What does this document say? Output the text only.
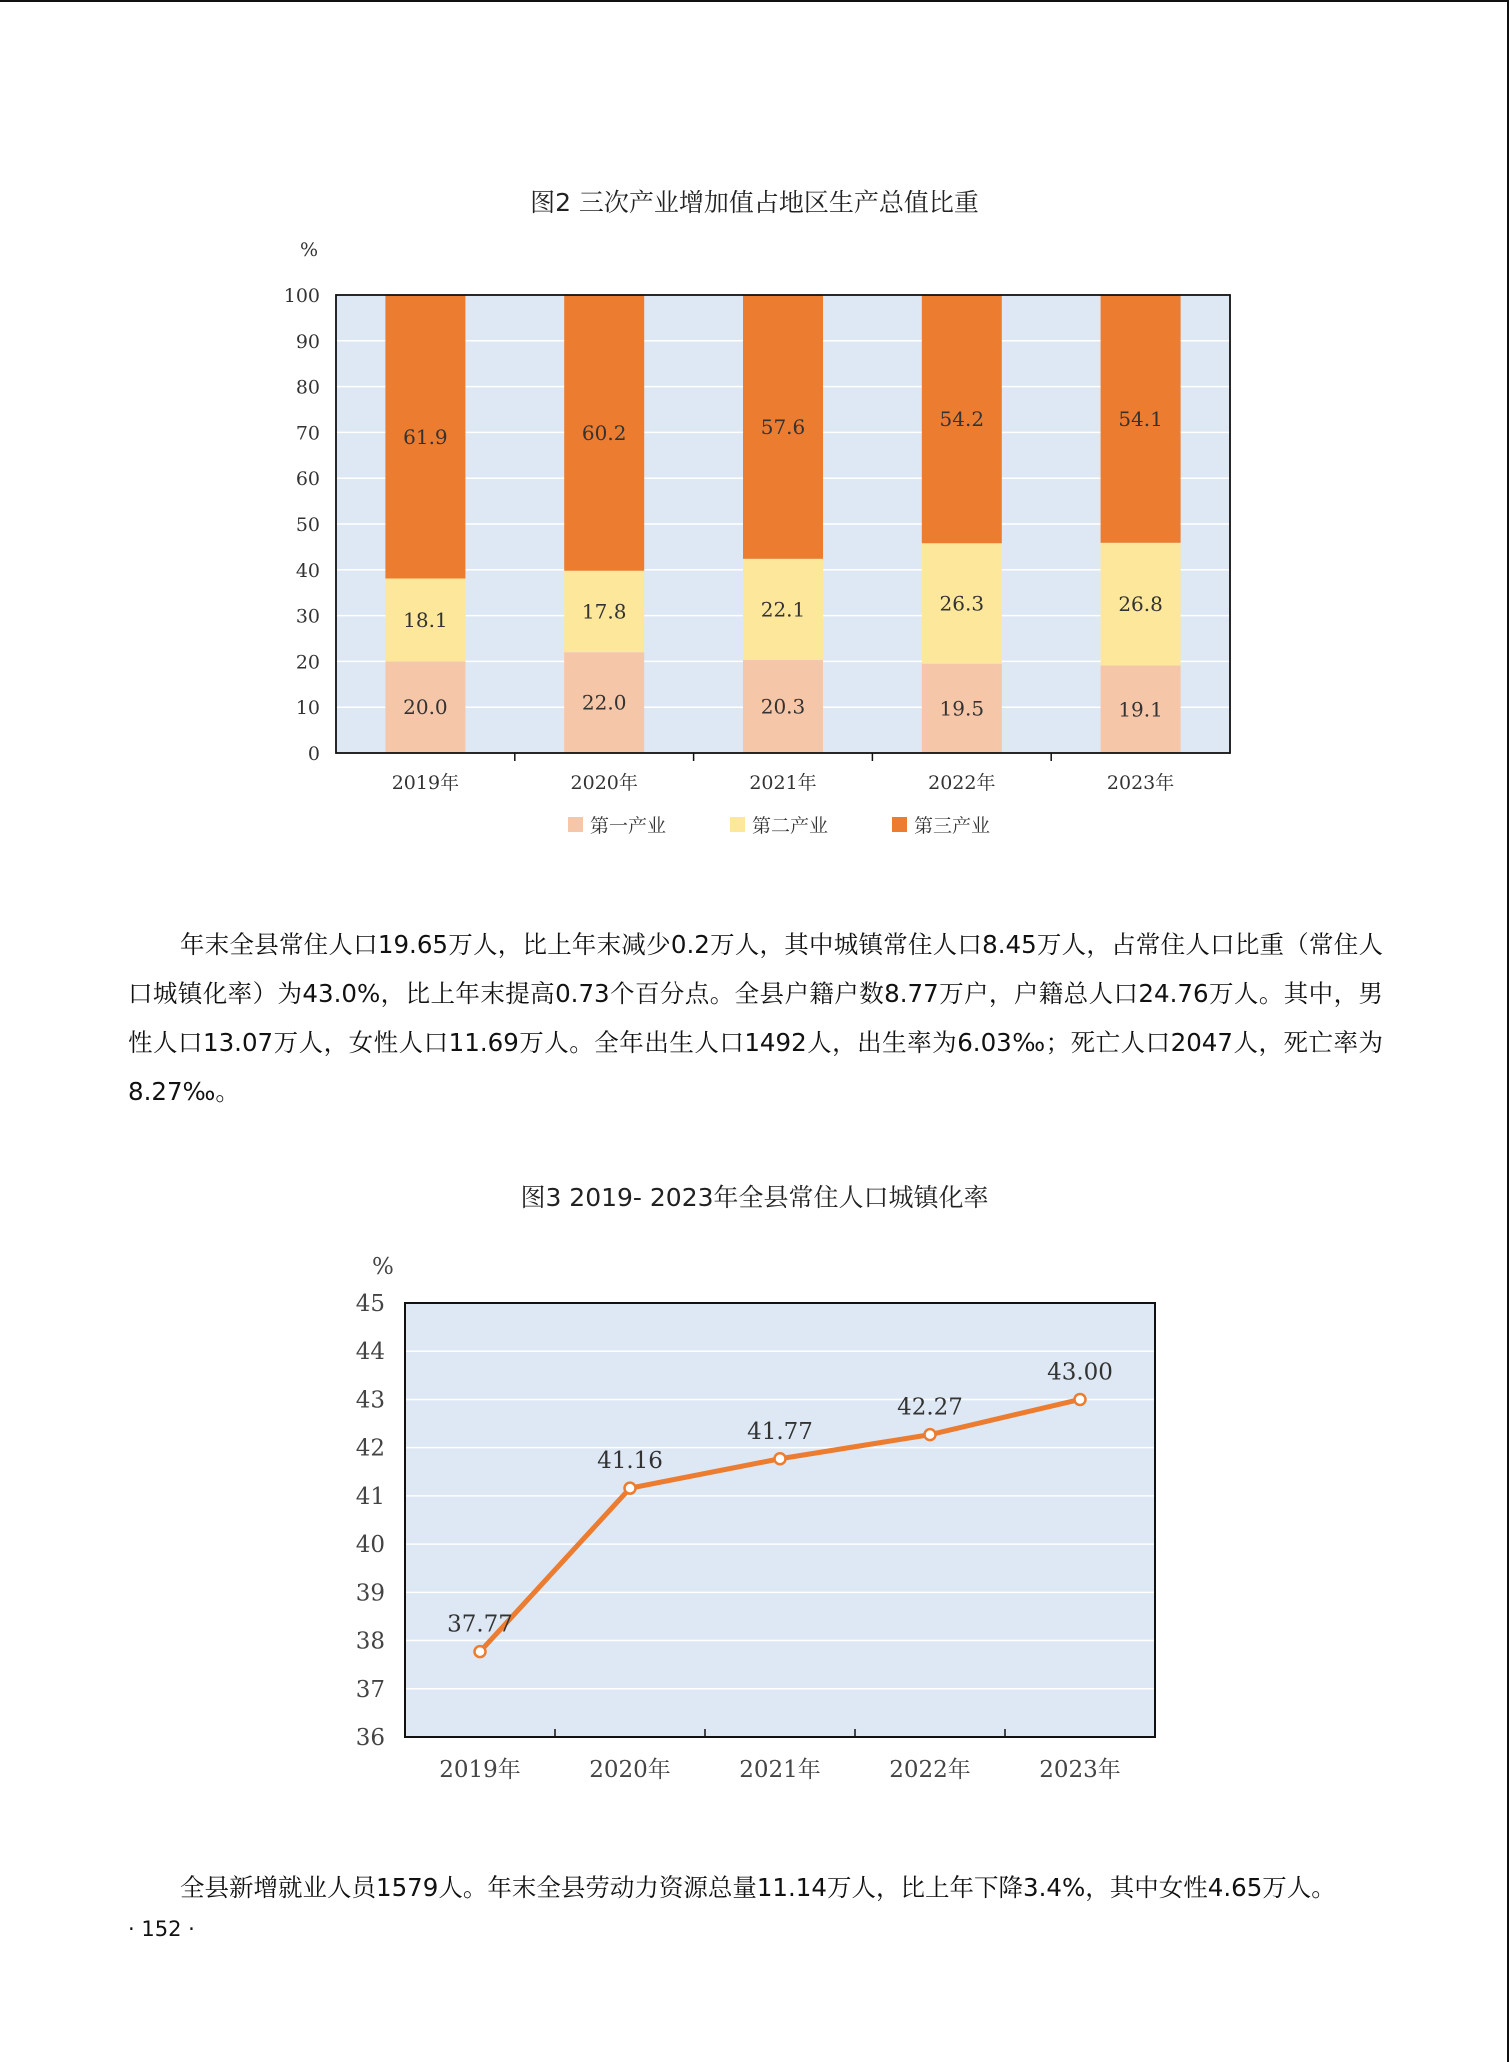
图2 三次产业增加值占地区生产总值比重
0
10
20
30
40
50
60
70
80
90
100
%
20.0
18.1
61.9
2019年
22.0
17.8
60.2
2020年
20.3
22.1
57.6
2021年
19.5
26.3
54.2
2022年
19.1
26.8
54.1
2023年
第一产业	第二产业	第三产业
年末全县常住人口19.65万人，比上年末减少0.2万人，其中城镇常住人口8.45万人，占常住人口比重（常住人口城镇化率）为43.0%，比上年末提高0.73个百分点。全县户籍户数8.77万户，户籍总人口24.76万人。其中，男性人口13.07万人，女性人口11.69万人。全年出生人口1492人，出生率为6.03‰；死亡人口2047人，死亡率为8.27‰。
图3 2019- 2023年全县常住人口城镇化率
36
37
38
39
40
41
42
43
44
45
%
37.77
2019年
41.16
2020年
41.77
2021年
42.27
2022年
43.00
2023年
全县新增就业人员1579人。年末全县劳动力资源总量11.14万人，比上年下降3.4%，其中女性4.65万人。
· 152 ·
